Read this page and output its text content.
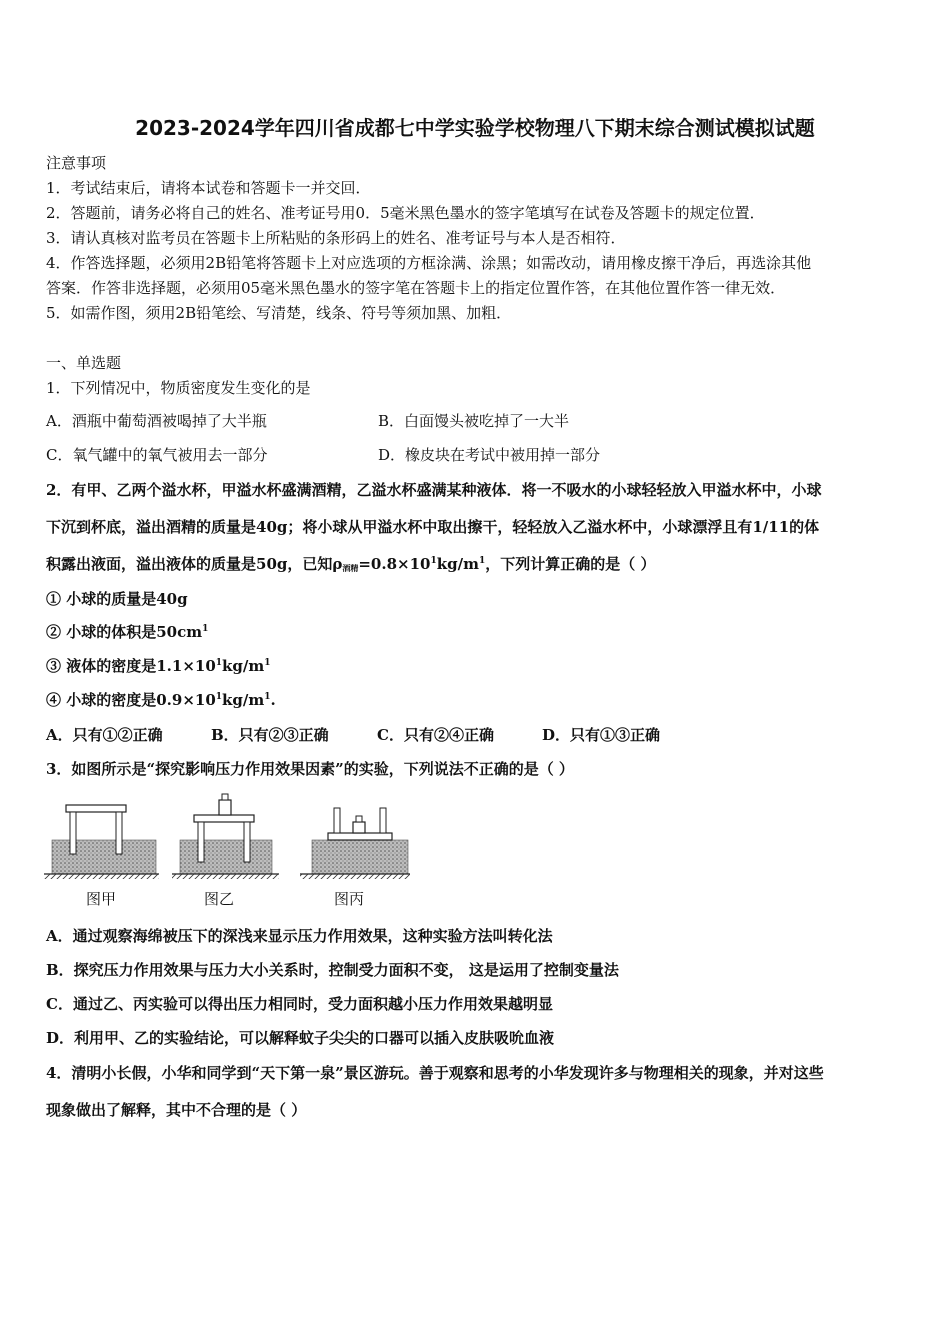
2023-2024学年四川省成都七中学实验学校物理八下期末综合测试模拟试题
注意事项
1．考试结束后，请将本试卷和答题卡一并交回．
2．答题前，请务必将自己的姓名、准考证号用0．5毫米黑色墨水的签字笔填写在试卷及答题卡的规定位置．
3．请认真核对监考员在答题卡上所粘贴的条形码上的姓名、准考证号与本人是否相符．
4．作答选择题，必须用2B铅笔将答题卡上对应选项的方框涂满、涂黑；如需改动，请用橡皮擦干净后，再选涂其他
答案．作答非选择题，必须用05毫米黑色墨水的签字笔在答题卡上的指定位置作答，在其他位置作答一律无效．
5．如需作图，须用2B铅笔绘、写清楚，线条、符号等须加黑、加粗．
一、单选题
1．下列情况中，物质密度发生变化的是
A．酒瓶中葡萄酒被喝掉了大半瓶	B．白面馒头被吃掉了一大半
C．氧气罐中的氧气被用去一部分	D．橡皮块在考试中被用掉一部分
2．有甲、乙两个溢水杯，甲溢水杯盛满酒精，乙溢水杯盛满某种液体．将一不吸水的小球轻轻放入甲溢水杯中，小球
下沉到杯底，溢出酒精的质量是40g；将小球从甲溢水杯中取出擦干，轻轻放入乙溢水杯中，小球漂浮且有1/11的体
积露出液面，溢出液体的质量是50g，已知$\rho_{酒精}=0.8\times 10^1kg/m^1$，下列计算正确的是（ ）
① 小球的质量是40g
② 小球的体积是$50cm^1$
③ 液体的密度是$1.1\times 10^1kg/m^1$
④ 小球的密度是$0.9\times 10^1kg/m^1$.
A．只有①②正确	B．只有②③正确	C．只有②④正确	D．只有①③正确
3．如图所示是“探究影响压力作用效果因素”的实验，下列说法不正确的是（ ）
图甲	图乙	图丙
A．通过观察海绵被压下的深浅来显示压力作用效果，这种实验方法叫转化法
B．探究压力作用效果与压力大小关系时，控制受力面积不变， 这是运用了控制变量法
C．通过乙、丙实验可以得出压力相同时，受力面积越小压力作用效果越明显
D．利用甲、乙的实验结论，可以解释蚊子尖尖的口器可以插入皮肤吸吮血液
4．清明小长假，小华和同学到“天下第一泉”景区游玩。善于观察和思考的小华发现许多与物理相关的现象，并对这些
现象做出了解释，其中不合理的是（ ）
